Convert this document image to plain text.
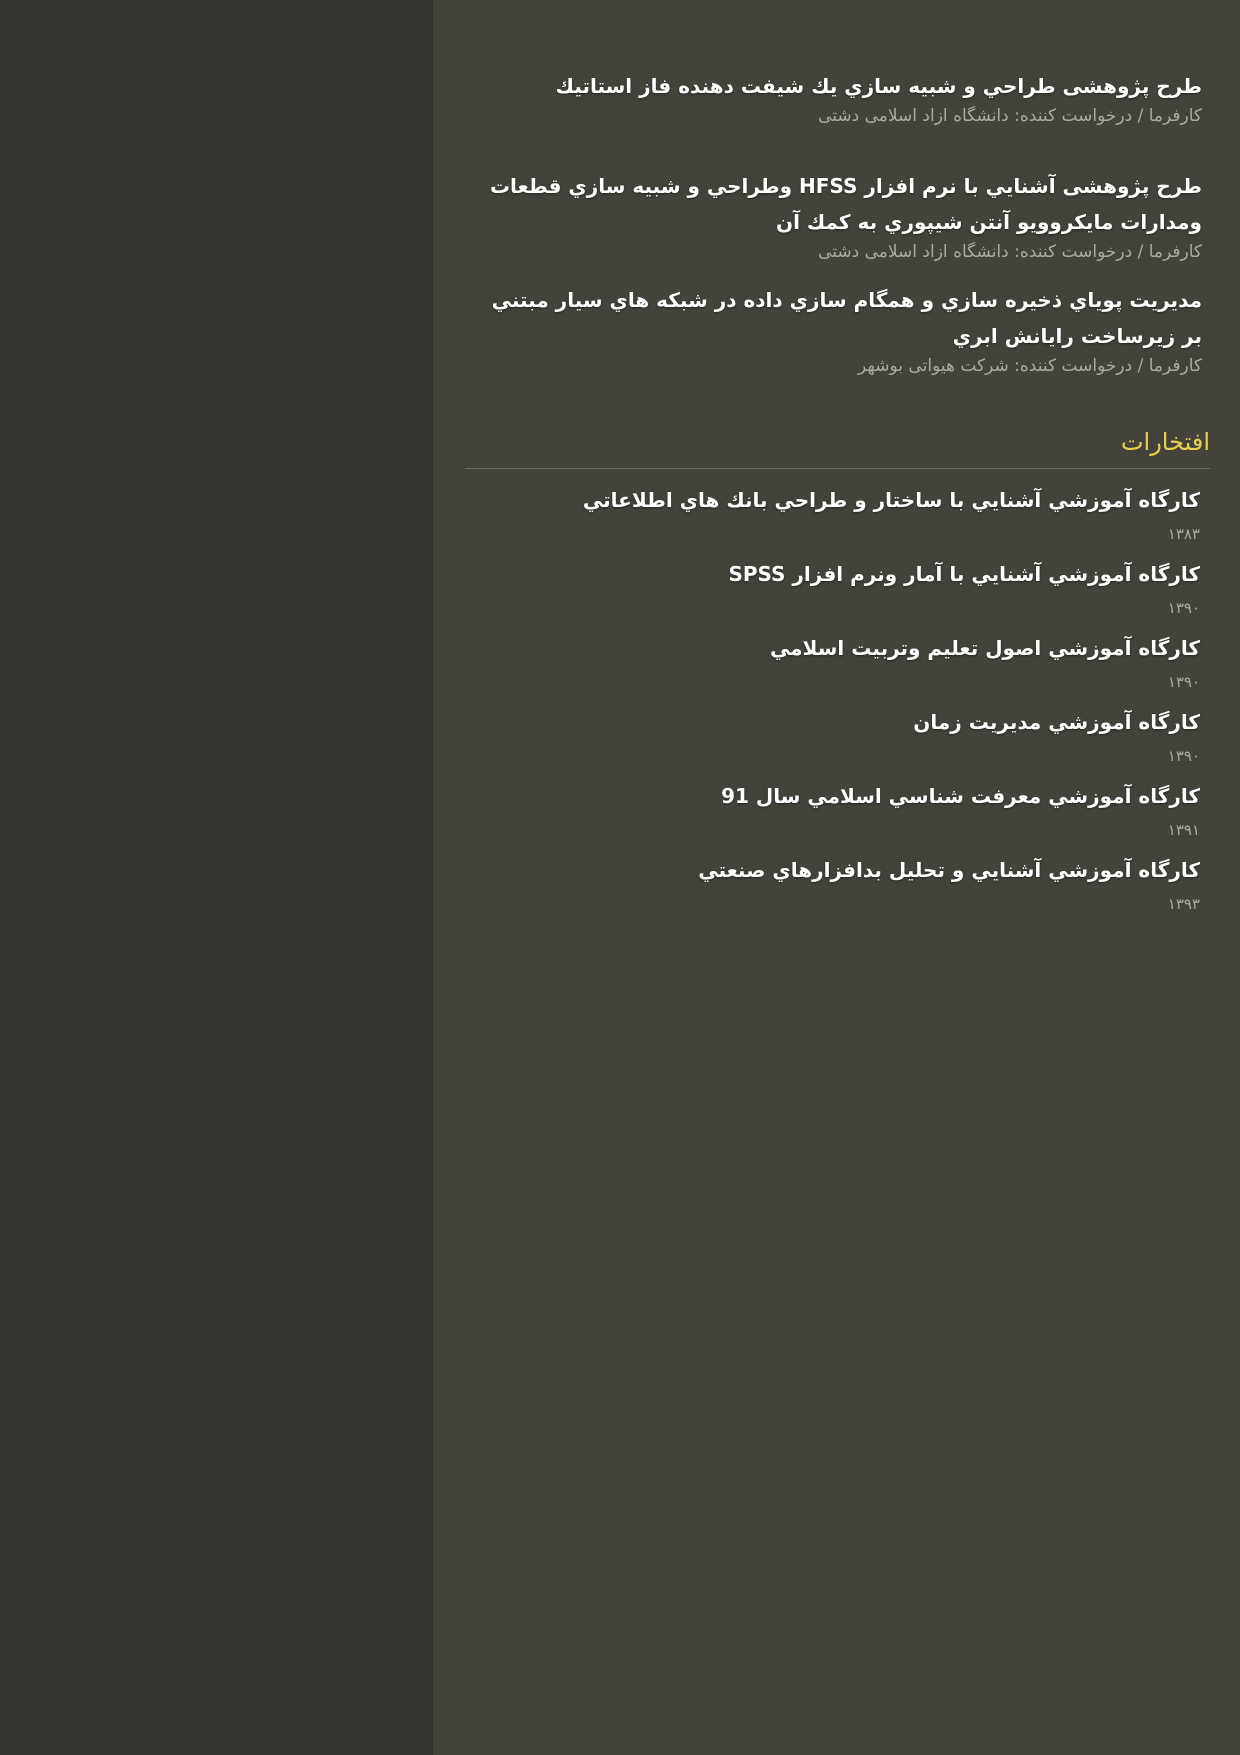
طرح پژوهشی طراحي و شبيه سازي يك شيفت دهنده فاز استاتيك
کارفرما / درخواست کننده: دانشگاه ازاد اسلامی دشتی
طرح پژوهشی آشنايي با نرم افزار HFSS وطراحي و شبيه سازي قطعات ومدارات مايكروويو آنتن شيپوري به كمك آن
کارفرما / درخواست کننده: دانشگاه ازاد اسلامی دشتی
مديريت پوياي ذخيره سازي و همگام سازي داده در شبكه هاي سيار مبتني بر زيرساخت رايانش ابري
کارفرما / درخواست کننده: شرکت هیواتی بوشهر
افتخارات
كارگاه آموزشي آشنايي با ساختار و طراحي بانك هاي اطلاعاتي
۱۳۸۳
كارگاه آموزشي آشنايي با آمار ونرم افزار SPSS
۱۳۹۰
كارگاه آموزشي اصول تعليم وتربيت اسلامي
۱۳۹۰
كارگاه آموزشي مديريت زمان
۱۳۹۰
كارگاه آموزشي معرفت شناسي اسلامي سال 91
۱۳۹۱
كارگاه آموزشي آشنايي و تحليل بدافزارهاي صنعتي
۱۳۹۳
